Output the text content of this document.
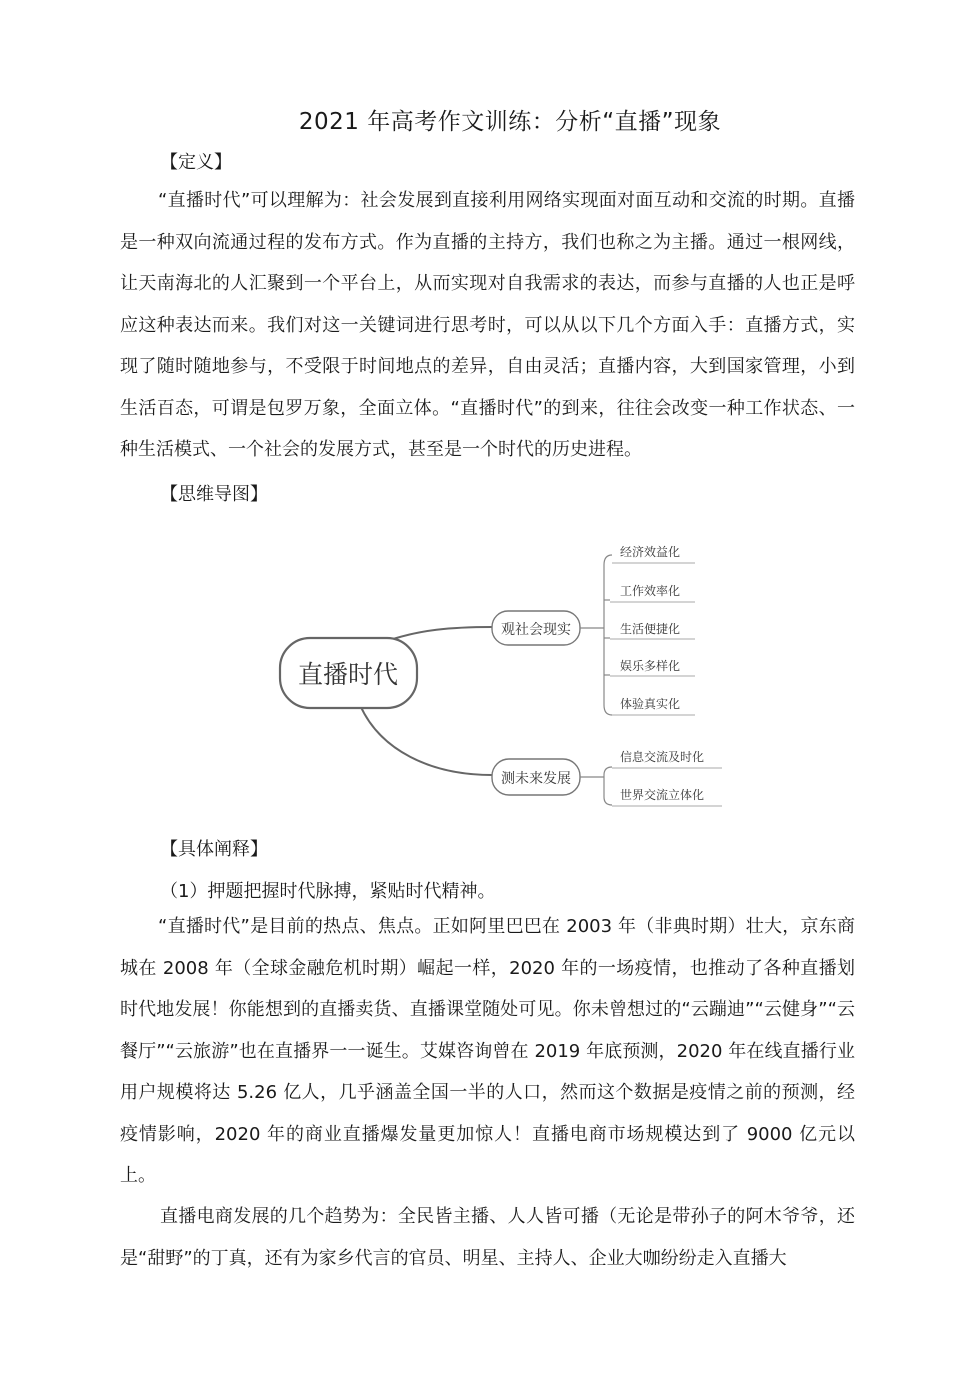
2021 年高考作文训练：分析“直播”现象
【定义】

“直播时代”可以理解为：社会发展到直接利用网络实现面对面互动和交流的时期。直播是一种双向流通过程的发布方式。作为直播的主持方，我们也称之为主播。通过一根网线，让天南海北的人汇聚到一个平台上，从而实现对自我需求的表达，而参与直播的人也正是呼应这种表达而来。我们对这一关键词进行思考时，可以从以下几个方面入手：直播方式，实现了随时随地参与，不受限于时间地点的差异，自由灵活；直播内容，大到国家管理，小到生活百态，可谓是包罗万象，全面立体。“直播时代”的到来，往往会改变一种工作状态、一种生活模式、一个社会的发展方式，甚至是一个时代的历史进程。

【思维导图】
直播时代
观社会现实
经济效益化
工作效率化
生活便捷化
娱乐多样化
体验真实化
测未来发展
信息交流及时化
世界交流立体化
【具体阐释】
（1）押题把握时代脉搏，紧贴时代精神。

“直播时代”是目前的热点、焦点。正如阿里巴巴在 2003 年（非典时期）壮大，京东商城在 2008 年（全球金融危机时期）崛起一样，2020 年的一场疫情，也推动了各种直播划时代地发展！你能想到的直播卖货、直播课堂随处可见。你未曾想过的“云蹦迪”“云健身”“云餐厅”“云旅游”也在直播界一一诞生。艾媒咨询曾在 2019 年底预测，2020 年在线直播行业用户规模将达 5.26 亿人，几乎涵盖全国一半的人口，然而这个数据是疫情之前的预测，经疫情影响，2020 年的商业直播爆发量更加惊人！直播电商市场规模达到了 9000 亿元以上。

直播电商发展的几个趋势为：全民皆主播、人人皆可播（无论是带孙子的阿木爷爷，还是“甜野”的丁真，还有为家乡代言的官员、明星、主持人、企业大咖纷纷走入直播大
